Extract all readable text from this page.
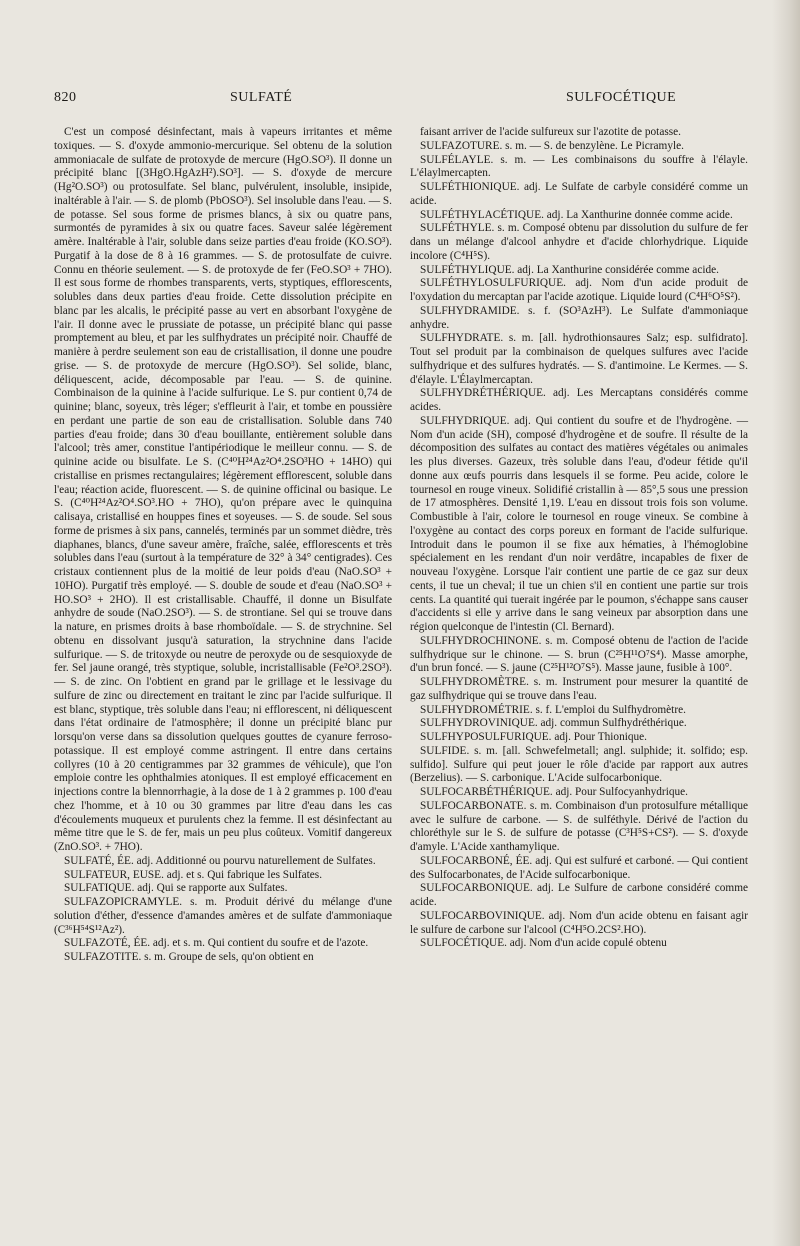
820	SULFATÉ	SULFOCÉTIQUE

C'est un composé désinfectant, mais à vapeurs irritantes et même toxiques. — S. d'oxyde ammonio-mercurique. Sel obtenu de la solution ammoniacale de sulfate de protoxyde de mercure (HgO.SO³). Il donne un précipité blanc [(3HgO.HgAzH²).SO³]. — S. d'oxyde de mercure (Hg²O.SO³) ou protosulfate. Sel blanc, pulvérulent, insoluble, insipide, inaltérable à l'air. — S. de plomb (PbOSO³). Sel insoluble dans l'eau. — S. de potasse. Sel sous forme de prismes blancs, à six ou quatre pans, surmontés de pyramides à six ou quatre faces. Saveur salée légèrement amère. Inaltérable à l'air, soluble dans seize parties d'eau froide (KO.SO³). Purgatif à la dose de 8 à 16 grammes. — S. de protosulfate de cuivre. Connu en théorie seulement. — S. de protoxyde de fer (FeO.SO³ + 7HO). Il est sous forme de rhombes transparents, verts, styptiques, efflorescents, solubles dans deux parties d'eau froide. Cette dissolution précipite en blanc par les alcalis, le précipité passe au vert en absorbant l'oxygène de l'air. Il donne avec le prussiate de potasse, un précipité blanc qui passe promptement au bleu, et par les sulfhydrates un précipité noir. Chauffé de manière à perdre seulement son eau de cristallisation, il donne une poudre grise. — S. de protoxyde de mercure (HgO.SO³). Sel solide, blanc, déliquescent, acide, décomposable par l'eau. — S. de quinine. Combinaison de la quinine à l'acide sulfurique. Le S. pur contient 0,74 de quinine; blanc, soyeux, très léger; s'effleurit à l'air, et tombe en poussière en perdant une partie de son eau de cristallisation. Soluble dans 740 parties d'eau froide; dans 30 d'eau bouillante, entièrement soluble dans l'alcool; très amer, constitue l'antipériodique le meilleur connu. — S. de quinine acide ou bisulfate. Le S. (C⁴⁰H²⁴Az²O⁴.2SO³HO + 14HO) qui cristallise en prismes rectangulaires; légèrement efflorescent, soluble dans l'eau; réaction acide, fluorescent. — S. de quinine officinal ou basique. Le S. (C⁴⁰H²⁴Az²O⁴.SO³.HO + 7HO), qu'on prépare avec le quinquina calisaya, cristallisé en houppes fines et soyeuses. — S. de soude. Sel sous forme de prismes à six pans, cannelés, terminés par un sommet dièdre, très diaphanes, blancs, d'une saveur amère, fraîche, salée, efflorescents et très solubles dans l'eau (surtout à la température de 32° à 34° centigrades). Ces cristaux contiennent plus de la moitié de leur poids d'eau (NaO.SO³ + 10HO). Purgatif très employé. — S. double de soude et d'eau (NaO.SO³ + HO.SO³ + 2HO). Il est cristallisable. Chauffé, il donne un Bisulfate anhydre de soude (NaO.2SO³). — S. de strontiane. Sel qui se trouve dans la nature, en prismes droits à base rhomboïdale. — S. de strychnine. Sel obtenu en dissolvant jusqu'à saturation, la strychnine dans l'acide sulfurique. — S. de tritoxyde ou neutre de peroxyde ou de sesquioxyde de fer. Sel jaune orangé, très styptique, soluble, incristallisable (Fe²O³.2SO³). — S. de zinc. On l'obtient en grand par le grillage et le lessivage du sulfure de zinc ou directement en traitant le zinc par l'acide sulfurique. Il est blanc, styptique, très soluble dans l'eau; ni efflorescent, ni déliquescent dans l'état ordinaire de l'atmosphère; il donne un précipité blanc pur lorsqu'on verse dans sa dissolution quelques gouttes de cyanure ferroso-potassique. Il est employé comme astringent. Il entre dans certains collyres (10 à 20 centigrammes par 32 grammes de véhicule), que l'on emploie contre les ophthalmies atoniques. Il est employé efficacement en injections contre la blennorrhagie, à la dose de 1 à 2 grammes p. 100 d'eau chez l'homme, et à 10 ou 30 grammes par litre d'eau dans les cas d'écoulements muqueux et purulents chez la femme. Il est désinfectant au même titre que le S. de fer, mais un peu plus coûteux. Vomitif dangereux (ZnO.SO³. + 7HO).

SULFATÉ, ÉE. adj. Additionné ou pourvu naturellement de Sulfates.

SULFATEUR, EUSE. adj. et s. Qui fabrique les Sulfates.

SULFATIQUE. adj. Qui se rapporte aux Sulfates.

SULFAZOPICRAMYLE. s. m. Produit dérivé du mélange d'une solution d'éther, d'essence d'amandes amères et de sulfate d'ammoniaque (C³⁶H⁵⁴S¹²Az²).

SULFAZOTÉ, ÉE. adj. et s. m. Qui contient du soufre et de l'azote.

SULFAZOTITE. s. m. Groupe de sels, qu'on obtient en

faisant arriver de l'acide sulfureux sur l'azotite de potasse.

SULFAZOTURE. s. m. — S. de benzylène. Le Picramyle.

SULFÉLAYLE. s. m. — Les combinaisons du souffre à l'élayle. L'élaylmercapten.

SULFÉTHIONIQUE. adj. Le Sulfate de carbyle considéré comme un acide.

SULFÉTHYLACÉTIQUE. adj. La Xanthurine donnée comme acide.

SULFÉTHYLE. s. m. Composé obtenu par dissolution du sulfure de fer dans un mélange d'alcool anhydre et d'acide chlorhydrique. Liquide incolore (C⁴H⁵S).

SULFÉTHYLIQUE. adj. La Xanthurine considérée comme acide.

SULFÉTHYLOSULFURIQUE. adj. Nom d'un acide produit de l'oxydation du mercaptan par l'acide azotique. Liquide lourd (C⁴H⁶O⁵S²).

SULFHYDRAMIDE. s. f. (SO³AzH³). Le Sulfate d'ammoniaque anhydre.

SULFHYDRATE. s. m. [all. hydrothionsaures Salz; esp. sulfidrato]. Tout sel produit par la combinaison de quelques sulfures avec l'acide sulfhydrique et des sulfures hydratés. — S. d'antimoine. Le Kermes. — S. d'élayle. L'Élaylmercaptan.

SULFHYDRÉTHÉRIQUE. adj. Les Mercaptans considérés comme acides.

SULFHYDRIQUE. adj. Qui contient du soufre et de l'hydrogène. — Nom d'un acide (SH), composé d'hydrogène et de soufre. Il résulte de la décomposition des sulfates au contact des matières végétales ou animales les plus diverses. Gazeux, très soluble dans l'eau, d'odeur fétide qu'il donne aux œufs pourris dans lesquels il se forme. Peu acide, colore le tournesol en rouge vineux. Solidifié cristallin à — 85°,5 sous une pression de 17 atmosphères. Densité 1,19. L'eau en dissout trois fois son volume. Combustible à l'air, colore le tournesol en rouge vineux. Se combine à l'oxygène au contact des corps poreux en formant de l'acide sulfurique. Introduit dans le poumon il se fixe aux hématies, à l'hémoglobine spécialement en les rendant d'un noir verdâtre, incapables de fixer de nouveau l'oxygène. Lorsque l'air contient une partie de ce gaz sur deux cents, il tue un cheval; il tue un chien s'il en contient une partie sur trois cents. La quantité qui tuerait ingérée par le poumon, s'échappe sans causer d'accidents si elle y arrive dans le sang veineux par absorption dans une région quelconque de l'intestin (Cl. Bernard).

SULFHYDROCHINONE. s. m. Composé obtenu de l'action de l'acide sulfhydrique sur le chinone. — S. brun (C²⁵H¹¹O⁷S⁴). Masse amorphe, d'un brun foncé. — S. jaune (C²⁵H¹²O⁷S⁵). Masse jaune, fusible à 100°.

SULFHYDROMÈTRE. s. m. Instrument pour mesurer la quantité de gaz sulfhydrique qui se trouve dans l'eau.

SULFHYDROMÉTRIE. s. f. L'emploi du Sulfhydromètre.

SULFHYDROVINIQUE. adj. commun Sulfhydréthérique.

SULFHYPOSULFURIQUE. adj. Pour Thionique.

SULFIDE. s. m. [all. Schwefelmetall; angl. sulphide; it. solfido; esp. sulfido]. Sulfure qui peut jouer le rôle d'acide par rapport aux autres (Berzelius). — S. carbonique. L'Acide sulfocarbonique.

SULFOCARBÉTHÉRIQUE. adj. Pour Sulfocyanhydrique.

SULFOCARBONATE. s. m. Combinaison d'un protosulfure métallique avec le sulfure de carbone. — S. de sulféthyle. Dérivé de l'action du chloréthyle sur le S. de sulfure de potasse (C³H⁵S+CS²). — S. d'oxyde d'amyle. L'Acide xanthamylique.

SULFOCARBONÉ, ÉE. adj. Qui est sulfuré et carboné. — Qui contient des Sulfocarbonates, de l'Acide sulfocarbonique.

SULFOCARBONIQUE. adj. Le Sulfure de carbone considéré comme acide.

SULFOCARBOVINIQUE. adj. Nom d'un acide obtenu en faisant agir le sulfure de carbone sur l'alcool (C⁴H⁵O.2CS².HO).

SULFOCÉTIQUE. adj. Nom d'un acide copulé obtenu
